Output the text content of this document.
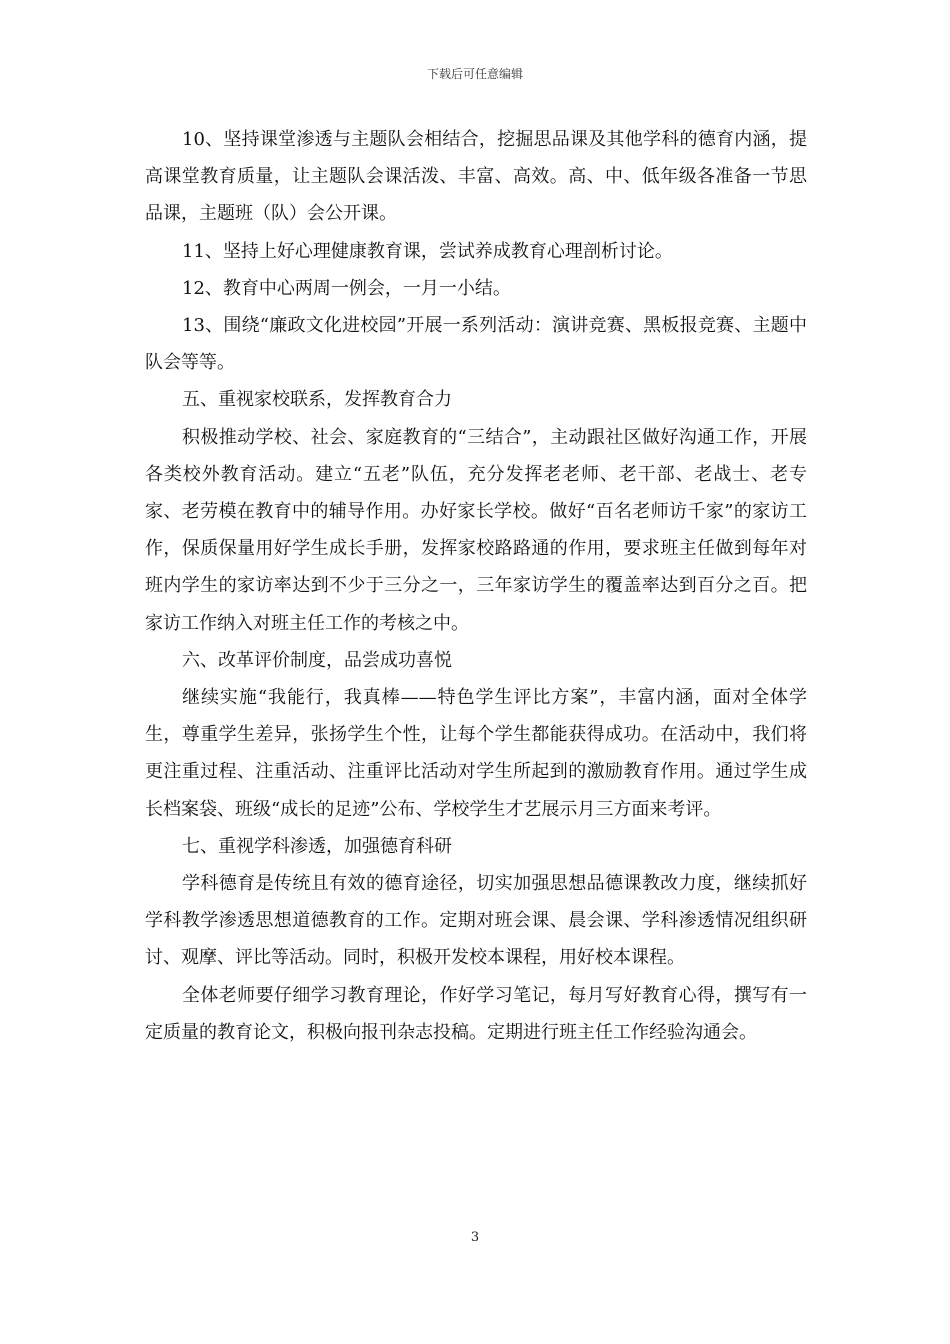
下载后可任意编辑

10、坚持课堂渗透与主题队会相结合，挖掘思品课及其他学科的德育内涵，提高课堂教育质量，让主题队会课活泼、丰富、高效。高、中、低年级各准备一节思品课，主题班（队）会公开课。

11、坚持上好心理健康教育课，尝试养成教育心理剖析讨论。

12、教育中心两周一例会，一月一小结。

13、围绕“廉政文化进校园”开展一系列活动：演讲竞赛、黑板报竞赛、主题中队会等等。

五、重视家校联系，发挥教育合力

积极推动学校、社会、家庭教育的“三结合”，主动跟社区做好沟通工作，开展各类校外教育活动。建立“五老”队伍，充分发挥老老师、老干部、老战士、老专家、老劳模在教育中的辅导作用。办好家长学校。做好“百名老师访千家”的家访工作，保质保量用好学生成长手册，发挥家校路路通的作用，要求班主任做到每年对班内学生的家访率达到不少于三分之一，三年家访学生的覆盖率达到百分之百。把家访工作纳入对班主任工作的考核之中。

六、改革评价制度，品尝成功喜悦

继续实施“我能行，我真棒——特色学生评比方案”，丰富内涵，面对全体学生，尊重学生差异，张扬学生个性，让每个学生都能获得成功。在活动中，我们将更注重过程、注重活动、注重评比活动对学生所起到的激励教育作用。通过学生成长档案袋、班级“成长的足迹”公布、学校学生才艺展示月三方面来考评。

七、重视学科渗透，加强德育科研

学科德育是传统且有效的德育途径，切实加强思想品德课教改力度，继续抓好学科教学渗透思想道德教育的工作。定期对班会课、晨会课、学科渗透情况组织研讨、观摩、评比等活动。同时，积极开发校本课程，用好校本课程。

全体老师要仔细学习教育理论，作好学习笔记，每月写好教育心得，撰写有一定质量的教育论文，积极向报刊杂志投稿。定期进行班主任工作经验沟通会。

3
